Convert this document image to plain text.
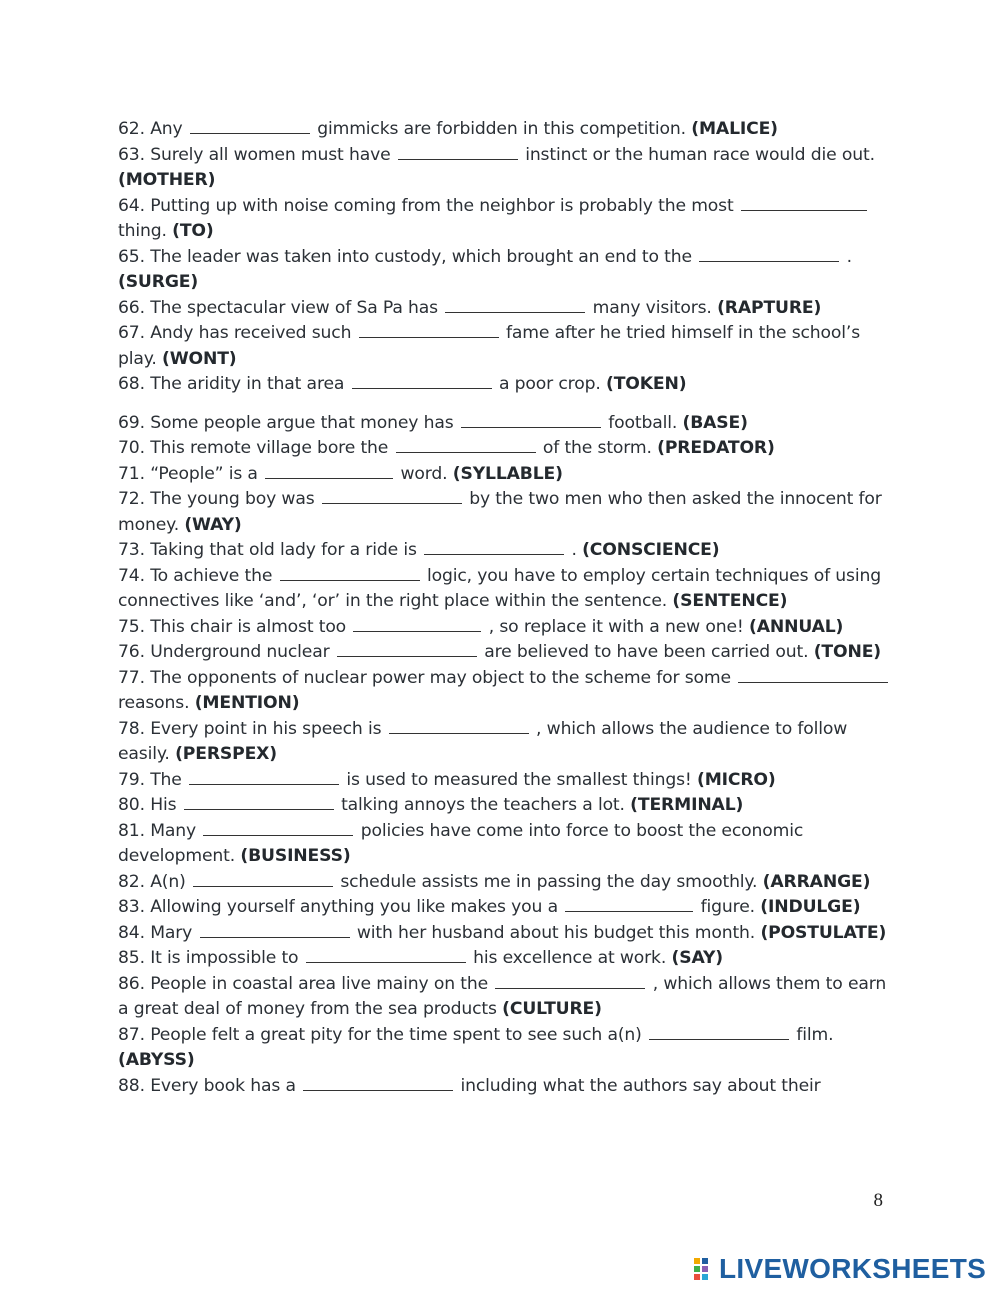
62. Any	gimmicks are forbidden in this competition. (MALICE)

63. Surely all women must have	instinct or the human race would die out. (MOTHER)

64. Putting up with noise coming from the neighbor is probably the most  thing. (TO)

65. The leader was taken into custody, which brought an end to the	. (SURGE)

66. The spectacular view of Sa Pa has	many visitors. (RAPTURE)

67. Andy has received such	fame after he tried himself in the school’s play. (WONT)

68. The aridity in that area	a poor crop. (TOKEN)

69. Some people argue that money has	football. (BASE)

70. This remote village bore the	of the storm. (PREDATOR)

71. “People” is a	word. (SYLLABLE)

72. The young boy was	by the two men who then asked the innocent for money. (WAY)

73. Taking that old lady for a ride is	. (CONSCIENCE)

74. To achieve the	logic, you have to employ certain techniques of using connectives like ‘and’, ‘or’ in the right place within the sentence. (SENTENCE)

75. This chair is almost too	, so replace it with a new one! (ANNUAL)

76. Underground nuclear	are believed to have been carried out. (TONE)

77. The opponents of nuclear power may object to the scheme for some  reasons. (MENTION)

78. Every point in his speech is	, which allows the audience to follow easily. (PERSPEX)

79. The	is used to measured the smallest things! (MICRO)

80. His	talking annoys the teachers a lot. (TERMINAL)

81. Many	policies have come into force to boost the economic development. (BUSINESS)

82. A(n)	schedule assists me in passing the day smoothly. (ARRANGE)

83. Allowing yourself anything you like makes you a	figure. (INDULGE)

84. Mary	with her husband about his budget this month. (POSTULATE)

85. It is impossible to	his excellence at work. (SAY)

86. People in coastal area live mainy on the	, which allows them to earn a great deal of money from the sea products (CULTURE)

87. People felt a great pity for the time spent to see such a(n)	film. (ABYSS)

88. Every book has a	including what the authors say about their

8
LIVEWORKSHEETS
